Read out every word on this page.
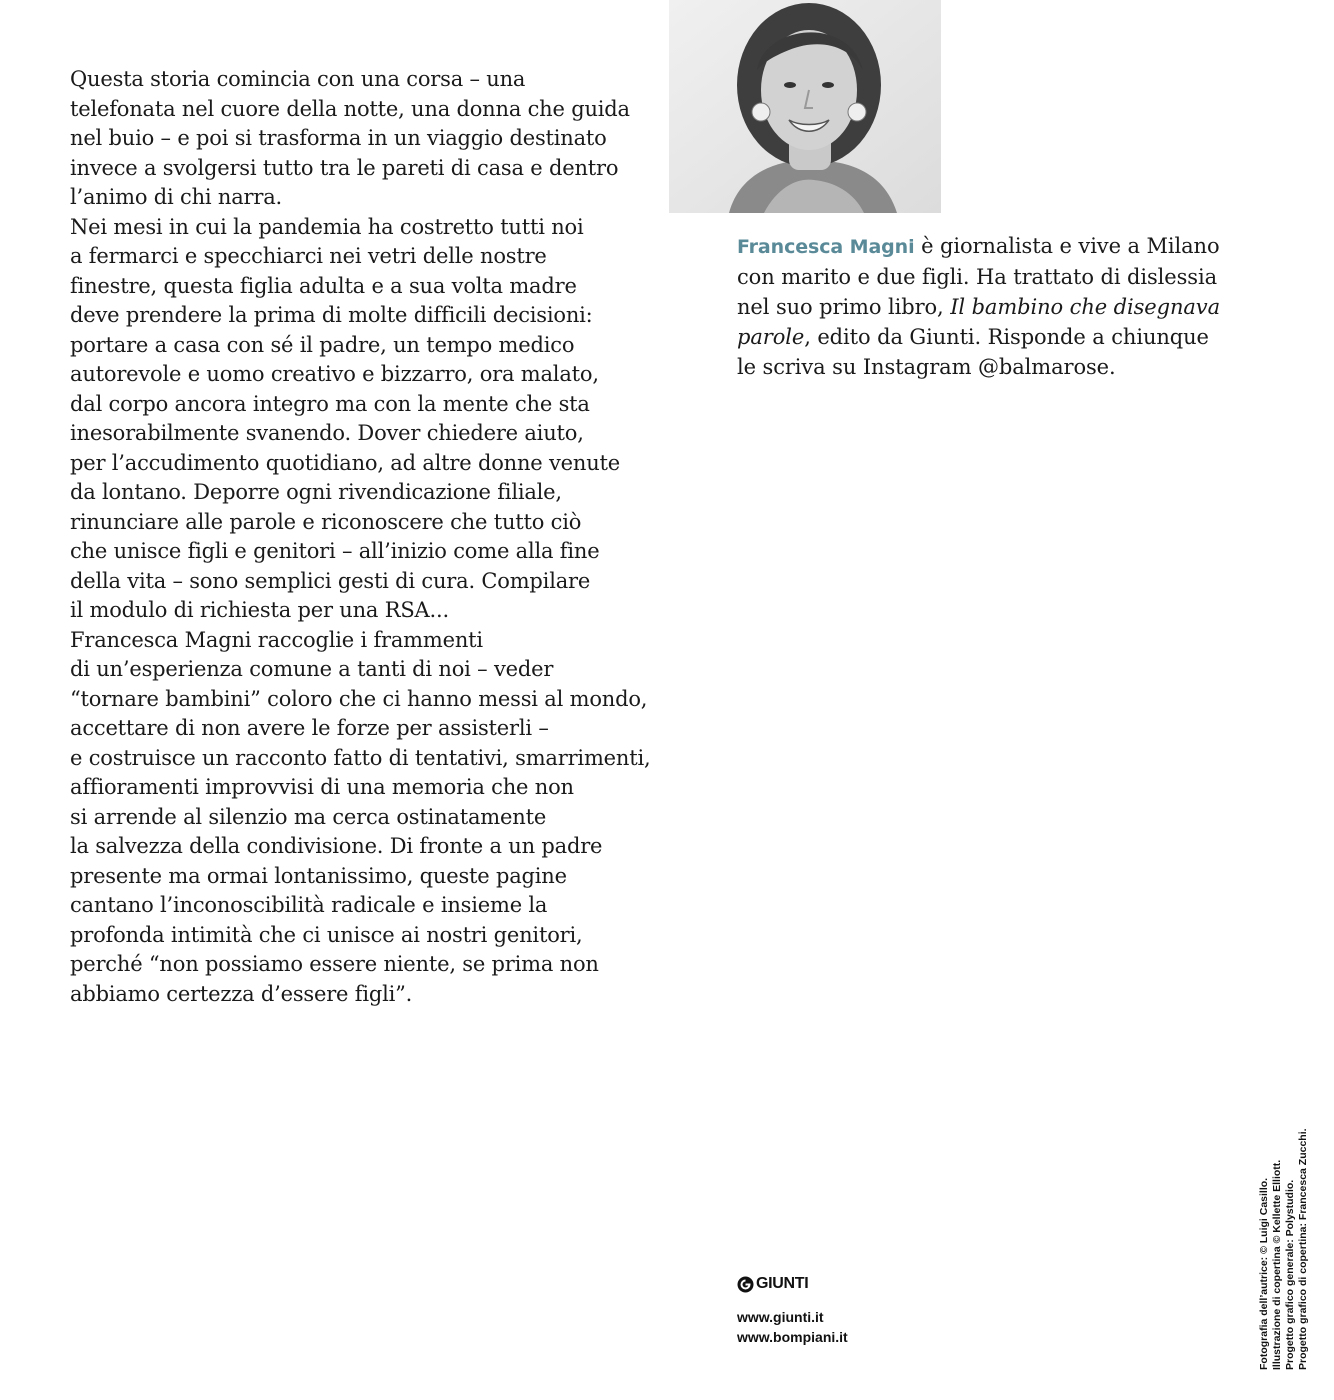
Questa storia comincia con una corsa – una
telefonata nel cuore della notte, una donna che guida
nel buio – e poi si trasforma in un viaggio destinato
invece a svolgersi tutto tra le pareti di casa e dentro
l’animo di chi narra.
Nei mesi in cui la pandemia ha costretto tutti noi
a fermarci e specchiarci nei vetri delle nostre
finestre, questa figlia adulta e a sua volta madre
deve prendere la prima di molte difficili decisioni:
portare a casa con sé il padre, un tempo medico
autorevole e uomo creativo e bizzarro, ora malato,
dal corpo ancora integro ma con la mente che sta
inesorabilmente svanendo. Dover chiedere aiuto,
per l’accudimento quotidiano, ad altre donne venute
da lontano. Deporre ogni rivendicazione filiale,
rinunciare alle parole e riconoscere che tutto ciò
che unisce figli e genitori – all’inizio come alla fine
della vita – sono semplici gesti di cura. Compilare
il modulo di richiesta per una RSA...
Francesca Magni raccoglie i frammenti
di un’esperienza comune a tanti di noi – veder
“tornare bambini” coloro che ci hanno messi al mondo,
accettare di non avere le forze per assisterli –
e costruisce un racconto fatto di tentativi, smarrimenti,
affioramenti improvvisi di una memoria che non
si arrende al silenzio ma cerca ostinatamente
la salvezza della condivisione. Di fronte a un padre
presente ma ormai lontanissimo, queste pagine
cantano l’inconoscibilità radicale e insieme la
profonda intimità che ci unisce ai nostri genitori,
perché “non possiamo essere niente, se prima non
abbiamo certezza d’essere figli”.
Francesca Magni è giornalista e vive a Milano
con marito e due figli. Ha trattato di dislessia
nel suo primo libro, Il bambino che disegnava
parole, edito da Giunti. Risponde a chiunque
le scriva su Instagram @balmarose.
GIUNTI
www.giunti.it
www.bompiani.it	Fotografia dell’autrice: © Luigi Casillo. Illustrazione di copertina © Kellette Elliott. Progetto grafico generale: Polystudio. Progetto grafico di copertina: Francesca Zucchi.
